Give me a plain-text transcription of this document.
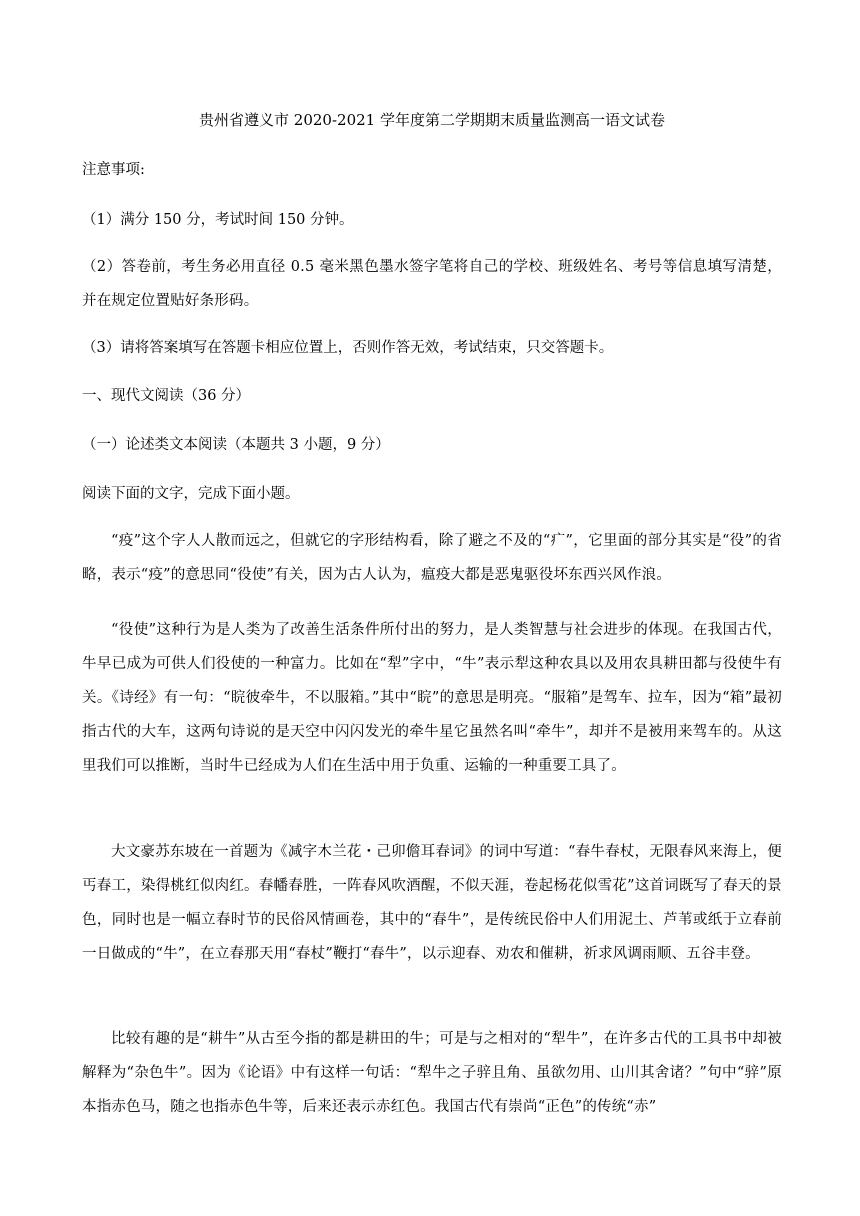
贵州省遵义市 2020-2021 学年度第二学期期末质量监测高一语文试卷
注意事项:
（1）满分 150 分，考试时间 150 分钟。
（2）答卷前，考生务必用直径 0.5 毫米黑色墨水签字笔将自己的学校、班级姓名、考号等信息填写清楚，并在规定位置贴好条形码。
（3）请将答案填写在答题卡相应位置上，否则作答无效，考试结束，只交答题卡。
一、现代文阅读（36 分）
（一）论述类文本阅读（本题共 3 小题，9 分）
阅读下面的文字，完成下面小题。
“疫”这个字人人散而远之，但就它的字形结构看，除了避之不及的“疒”，它里面的部分其实是“役”的省略，表示“疫”的意思同“役使”有关，因为古人认为，瘟疫大都是恶鬼驱役坏东西兴风作浪。
“役使”这种行为是人类为了改善生活条件所付出的努力，是人类智慧与社会进步的体现。在我国古代，牛早已成为可供人们役使的一种富力。比如在“犁”字中，“牛”表示犁这种农具以及用农具耕田都与役使牛有关。《诗经》有一句：“睆彼牵牛，不以服箱。”其中“睆”的意思是明亮。“服箱”是驾车、拉车，因为“箱”最初指古代的大车，这两句诗说的是天空中闪闪发光的牵牛星它虽然名叫“牵牛”，却并不是被用来驾车的。从这里我们可以推断，当时牛已经成为人们在生活中用于负重、运输的一种重要工具了。
大文豪苏东坡在一首题为《减字木兰花・己卯儋耳春词》的词中写道：“春牛春杖，无限春风来海上，便丐春工，染得桃红似肉红。春幡春胜，一阵春风吹酒醒，不似天涯，卷起杨花似雪花”这首词既写了春天的景色，同时也是一幅立春时节的民俗风情画卷，其中的“春牛”，是传统民俗中人们用泥土、芦苇或纸于立春前一日做成的“牛”，在立春那天用“春杖”鞭打“春牛”，以示迎春、劝农和催耕，祈求风调雨顺、五谷丰登。
比较有趣的是“耕牛”从古至今指的都是耕田的牛；可是与之相对的“犁牛”，在许多古代的工具书中却被解释为“杂色牛”。因为《论语》中有这样一句话：“犁牛之子骍且角、虽欲勿用、山川其舍诸？”句中“骍”原本指赤色马，随之也指赤色牛等，后来还表示赤红色。我国古代有崇尚“正色”的传统“赤”
